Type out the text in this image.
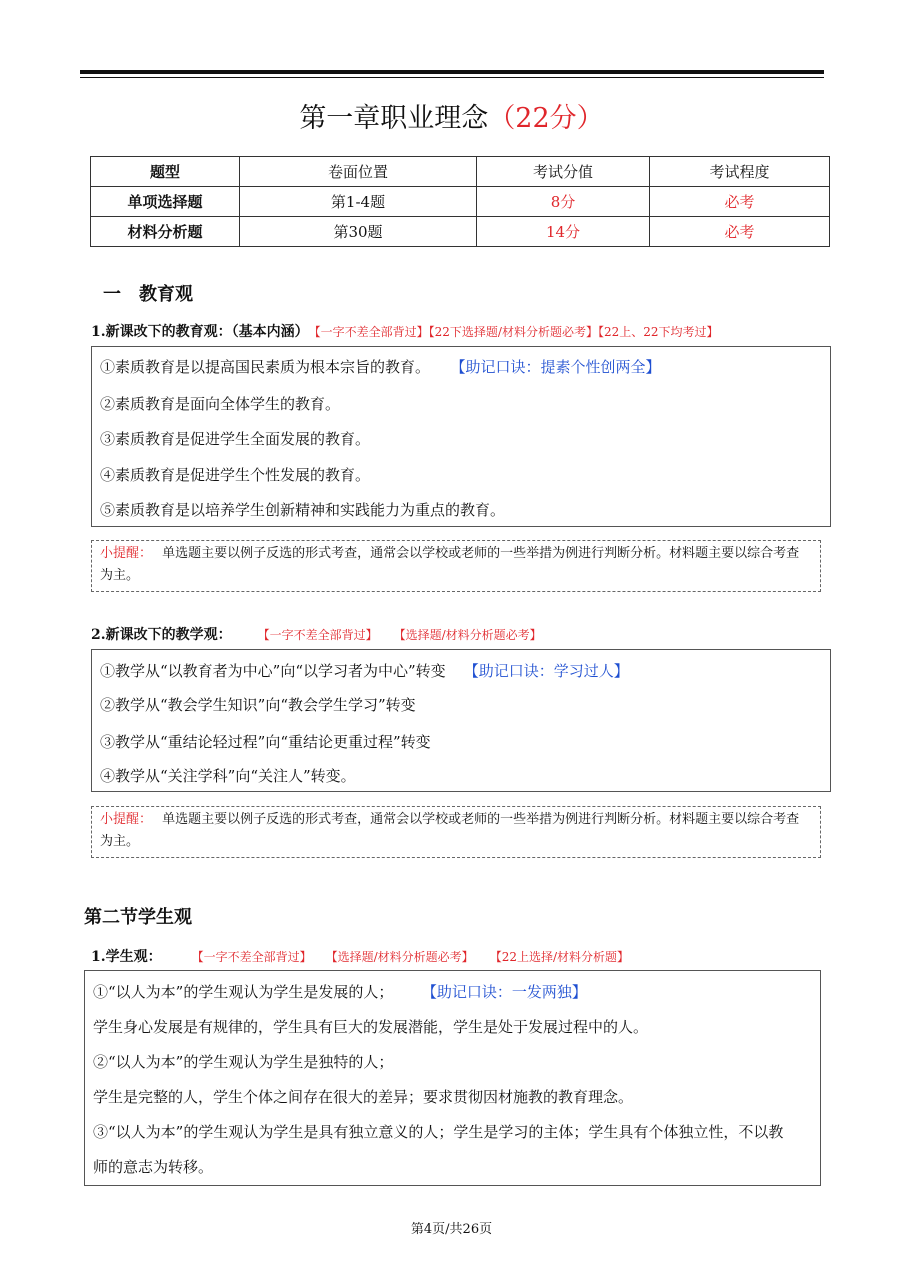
第一章职业理念（22分）
题型	卷面位置	考试分值	考试程度
单项选择题	第1-4题	8分	必考
材料分析题	第30题	14分	必考
一　教育观
1.新课改下的教育观：（基本内涵） 【一字不差全部背过】【22下选择题/材料分析题必考】【22上、22下均考过】
①素质教育是以提高国民素质为根本宗旨的教育。 【助记口诀：提素个性创两全】
②素质教育是面向全体学生的教育。
③素质教育是促进学生全面发展的教育。
④素质教育是促进学生个性发展的教育。
⑤素质教育是以培养学生创新精神和实践能力为重点的教育。
小提醒： 单选题主要以例子反选的形式考查，通常会以学校或老师的一些举措为例进行判断分析。材料题主要以综合考查为主。
2.新课改下的教学观：	【一字不差全部背过】 【选择题/材料分析题必考】
①教学从“以教育者为中心”向“以学习者为中心”转变 【助记口诀：学习过人】
②教学从“教会学生知识”向“教会学生学习”转变
③教学从“重结论轻过程”向“重结论更重过程”转变
④教学从“关注学科”向“关注人”转变。
小提醒： 单选题主要以例子反选的形式考查，通常会以学校或老师的一些举措为例进行判断分析。材料题主要以综合考查为主。
第二节学生观
1.学生观：	【一字不差全部背过】 【选择题/材料分析题必考】 【22上选择/材料分析题】
①“以人为本”的学生观认为学生是发展的人； 【助记口诀：一发两独】
学生身心发展是有规律的，学生具有巨大的发展潜能，学生是处于发展过程中的人。
②“以人为本”的学生观认为学生是独特的人；
学生是完整的人，学生个体之间存在很大的差异；要求贯彻因材施教的教育理念。
③“以人为本”的学生观认为学生是具有独立意义的人；学生是学习的主体；学生具有个体独立性，不以教
师的意志为转移。
第4页/共26页
